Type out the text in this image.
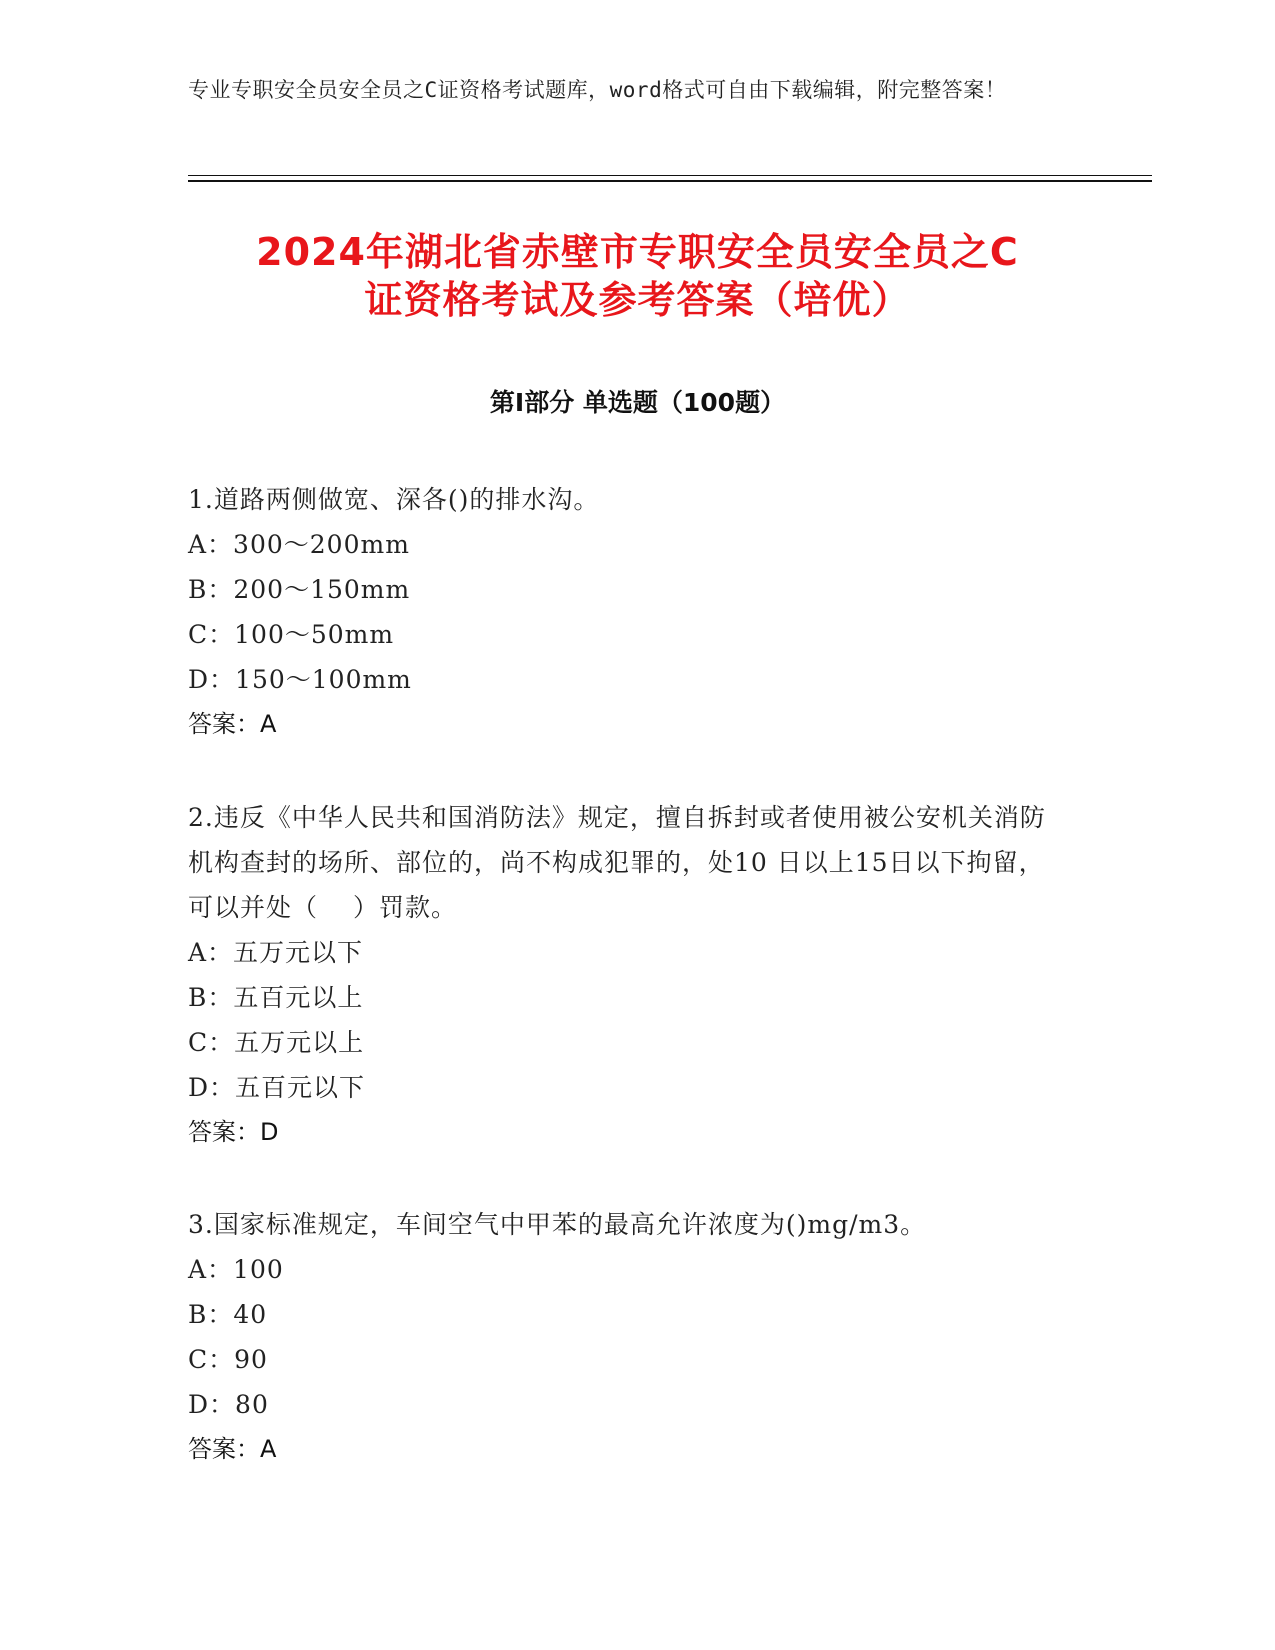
专业专职安全员安全员之C证资格考试题库，word格式可自由下载编辑，附完整答案！
2024年湖北省赤壁市专职安全员安全员之C
证资格考试及参考答案（培优）
第Ⅰ部分 单选题（100题）
1.道路两侧做宽、深各()的排水沟。
A：300～200mm
B：200～150mm
C：100～50mm
D：150～100mm
答案：A
2.违反《中华人民共和国消防法》规定，擅自拆封或者使用被公安机关消防机构查封的场所、部位的，尚不构成犯罪的，处10 日以上15日以下拘留，可以并处（　 ）罚款。
A：五万元以下
B：五百元以上
C：五万元以上
D：五百元以下
答案：D
3.国家标准规定，车间空气中甲苯的最高允许浓度为()mg/m3。
A：100
B：40
C：90
D：80
答案：A
